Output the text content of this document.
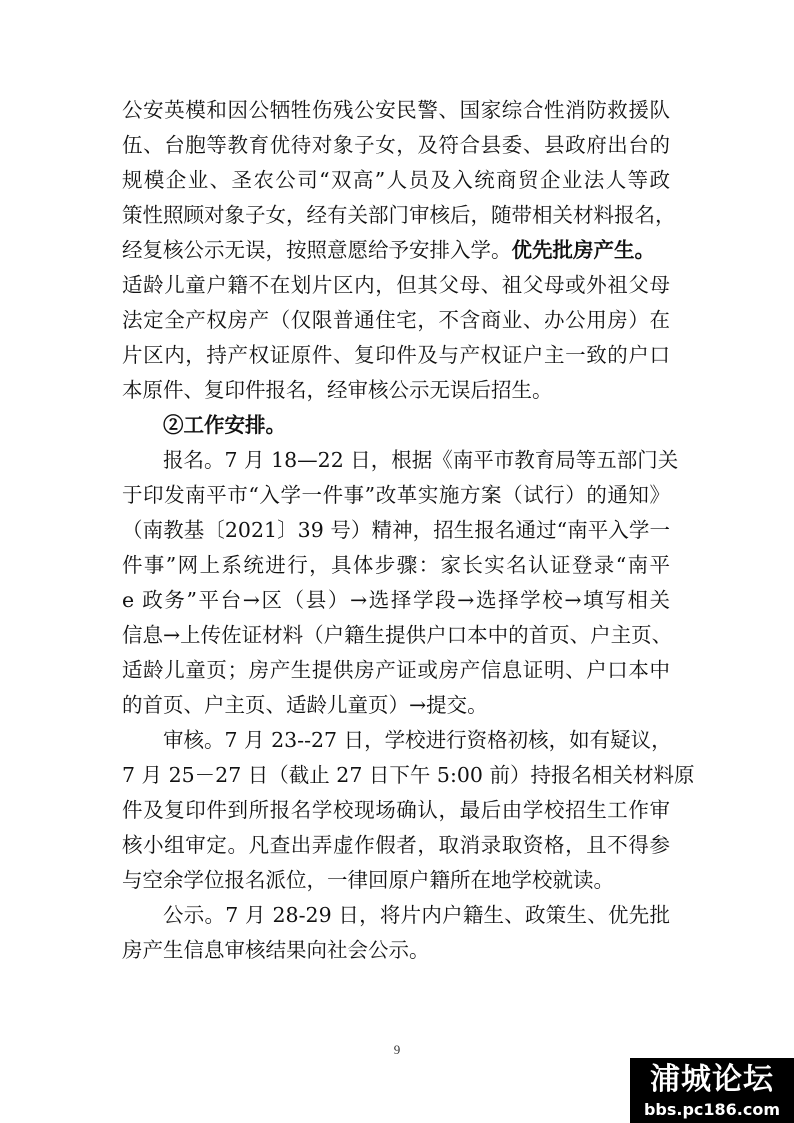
公安英模和因公牺牲伤残公安民警、国家综合性消防救援队
伍、台胞等教育优待对象子女，及符合县委、县政府出台的
规模企业、圣农公司“双高”人员及入统商贸企业法人等政
策性照顾对象子女，经有关部门审核后，随带相关材料报名，
经复核公示无误，按照意愿给予安排入学。优先批房产生。
适龄儿童户籍不在划片区内，但其父母、祖父母或外祖父母
法定全产权房产（仅限普通住宅，不含商业、办公用房）在
片区内，持产权证原件、复印件及与产权证户主一致的户口
本原件、复印件报名，经审核公示无误后招生。
②工作安排。
报名。7 月 18—22 日，根据《南平市教育局等五部门关
于印发南平市“入学一件事”改革实施方案（试行）的通知》
（南教基〔2021〕39 号）精神，招生报名通过“南平入学一
件事”网上系统进行，具体步骤：家长实名认证登录“南平
e 政务”平台→区（县）→选择学段→选择学校→填写相关
信息→上传佐证材料（户籍生提供户口本中的首页、户主页、
适龄儿童页；房产生提供房产证或房产信息证明、户口本中
的首页、户主页、适龄儿童页）→提交。
审核。7 月 23--27 日，学校进行资格初核，如有疑议，
7 月 25－27 日（截止 27 日下午 5:00 前）持报名相关材料原
件及复印件到所报名学校现场确认，最后由学校招生工作审
核小组审定。凡查出弄虚作假者，取消录取资格，且不得参
与空余学位报名派位，一律回原户籍所在地学校就读。
公示。7 月 28-29 日，将片内户籍生、政策生、优先批
房产生信息审核结果向社会公示。
9
浦城论坛
bbs.pc186.com
